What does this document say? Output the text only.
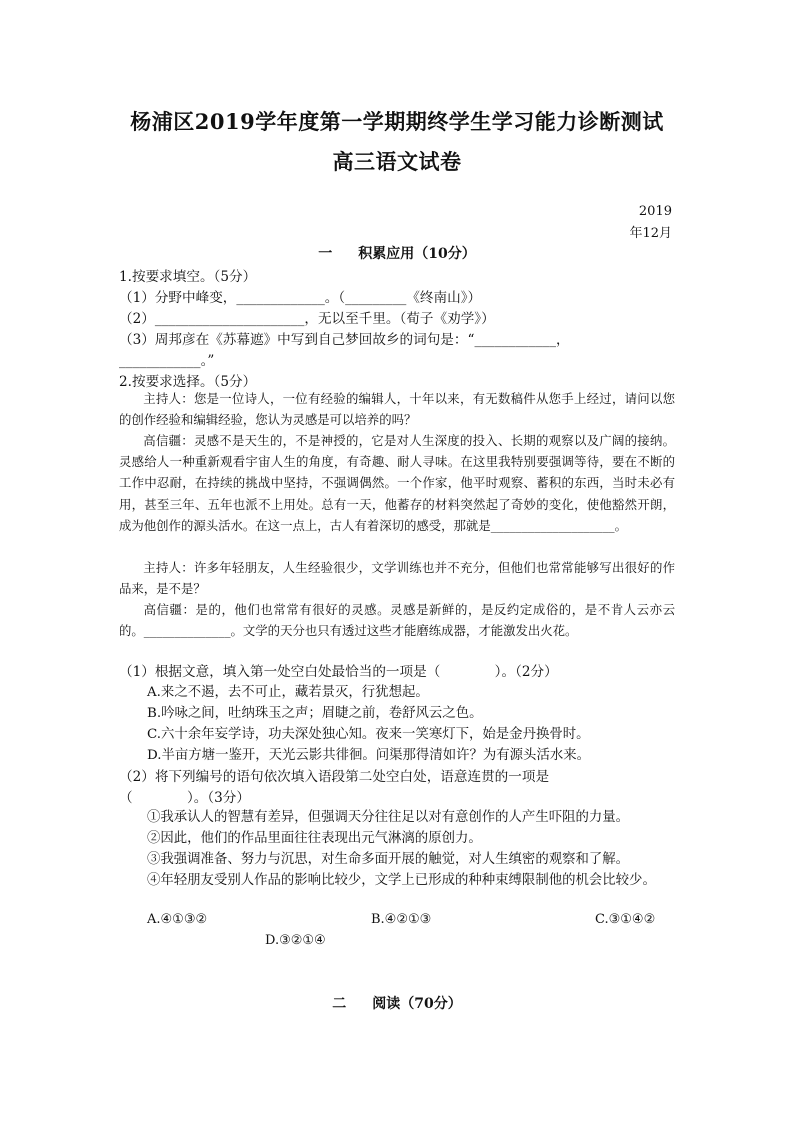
杨浦区2019学年度第一学期期终学生学习能力诊断测试
高三语文试卷
2019
年12月
一 积累应用（10分）
1.按要求填空。（5分）
（1）分野中峰变，_____________。（_________《终南山》）
（2）______________________，无以至千里。（荀子《劝学》）
（3）周邦彦在《苏幕遮》中写到自己梦回故乡的词句是：“____________，
____________。”
2.按要求选择。（5分）
主持人：您是一位诗人，一位有经验的编辑人，十年以来，有无数稿件从您手上经过，请问以您的创作经验和编辑经验，您认为灵感是可以培养的吗？
高信疆：灵感不是天生的，不是神授的，它是对人生深度的投入、长期的观察以及广阔的接纳。灵感给人一种重新观看宇宙人生的角度，有奇趣、耐人寻味。在这里我特别要强调等待，要在不断的工作中忍耐，在持续的挑战中坚持，不强调偶然。一个作家，他平时观察、蓄积的东西，当时未必有用，甚至三年、五年也派不上用处。总有一天，他蓄存的材料突然起了奇妙的变化，使他豁然开朗，成为他创作的源头活水。在这一点上，古人有着深切的感受，那就是____________________。
主持人：许多年轻朋友，人生经验很少，文学训练也并不充分，但他们也常常能够写出很好的作品来，是不是？
高信疆：是的，他们也常常有很好的灵感。灵感是新鲜的，是反约定成俗的，是不肯人云亦云的。______________。文学的天分也只有透过这些才能磨练成器，才能激发出火花。
（1）根据文意，填入第一处空白处最恰当的一项是（　　　　）。（2分）
A.来之不遏，去不可止，藏若景灭，行犹想起。
B.吟咏之间，吐纳珠玉之声；眉睫之前，卷舒风云之色。
C.六十余年妄学诗，功夫深处独心知。夜来一笑寒灯下，始是金丹换骨时。
D.半亩方塘一鉴开，天光云影共徘徊。问渠那得清如许？为有源头活水来。
（2）将下列编号的语句依次填入语段第二处空白处，语意连贯的一项是
（　　　　）。（3分）
①我承认人的智慧有差异，但强调天分往往足以对有意创作的人产生吓阻的力量。
②因此，他们的作品里面往往表现出元气淋漓的原创力。
③我强调准备、努力与沉思，对生命多面开展的触觉，对人生缜密的观察和了解。
④年轻朋友受别人作品的影响比较少，文学上已形成的种种束缚限制他的机会比较少。
A.④①③②	B.④②①③	C.③①④②
D.③②①④
二 阅读（70分）
